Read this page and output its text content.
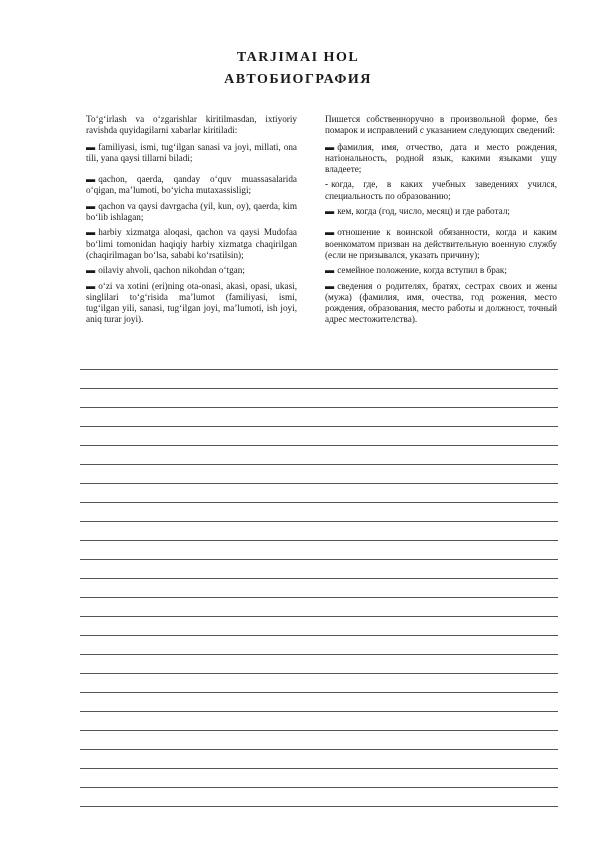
TARJIMAI HOL
АВТОБИОГРАФИЯ

To‘g‘irlash va o‘zgarishlar kiritilmasdan, ixtiyoriy ravishda quyidagilarni xabarlar kiritiladi:

▬ familiyasi, ismi, tug‘ilgan sanasi va joyi, millati, ona tili, yana qaysi tillarni biladi;

▬ qachon, qaerda, qanday o‘quv muassasalarida o‘qigan, ma’lumoti, bo‘yicha mutaxassisligi;

▬ qachon va qaysi davrgacha (yil, kun, oy), qaerda, kim bo‘lib ishlagan;

▬ harbiy xizmatga aloqasi, qachon va qaysi Mudofaa bo‘limi tomonidan haqiqiy harbiy xizmatga chaqirilgan (chaqirilmagan bo‘lsa, sababi ko‘rsatilsin);

▬ oilaviy ahvoli, qachon nikohdan o‘tgan;

▬ o‘zi va xotini (eri)ning ota-onasi, akasi, opasi, ukasi, singlilari to‘g‘risida ma’lumot (familiyasi, ismi, tug‘ilgan yili, sanasi, tug‘ilgan joyi, ma’lumoti, ish joyi, aniq turar joyi).

Пишется собственноручно в произвольной форме, без помарок и исправлений с указанием следующих сведений:

▬ фамилия, имя, отчество, дата и место рождения, натіональность, родной язык, какими языками ущу владеете;

- когда, где, в каких учебных заведениях учился, специальность по образованию;

▬ кем, когда (год, число, месяц) и где работал;

▬ отношение к воинской обязанности, когда и каким военкоматом призван на действительную военную службу (если не призывался, указать причину);

▬ семейное положение, когда вступил в брак;

▬ сведения о родителях, братях, сестрах своих и жены (мужа) (фамилия, имя, очества, год рожения, место рождения, образования, место работы и должност, точный адрес местожителства).
